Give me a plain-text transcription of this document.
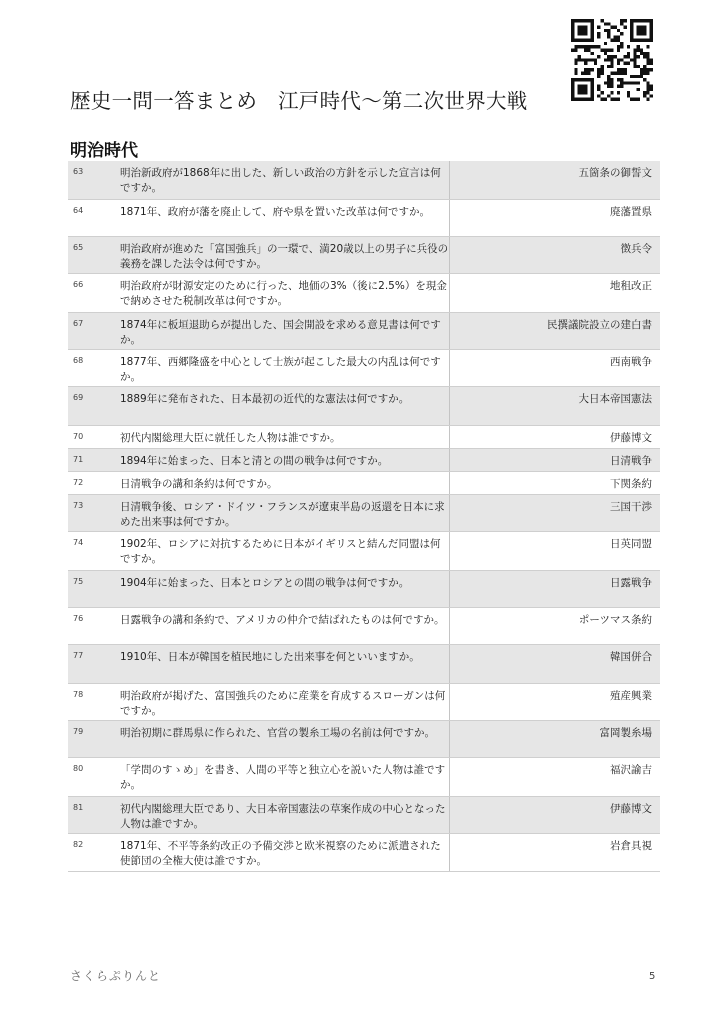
歴史一問一答まとめ　江戸時代～第二次世界大戦
明治時代
63	明治新政府が1868年に出した、新しい政治の方針を示した宣言は何ですか。
五箇条の御誓文
64	1871年、政府が藩を廃止して、府や県を置いた改革は何ですか。	廃藩置県
65	明治政府が進めた「富国強兵」の一環で、満20歳以上の男子に兵役の義務を課した法令は何ですか。
徴兵令
66	明治政府が財源安定のために行った、地価の3%（後に2.5%）を現金で納めさせた税制改革は何ですか。
地租改正
67	1874年に板垣退助らが提出した、国会開設を求める意見書は何ですか。
民撰議院設立の建白書
68	1877年、西郷隆盛を中心として士族が起こした最大の内乱は何ですか。
西南戦争
69	1889年に発布された、日本最初の近代的な憲法は何ですか。	大日本帝国憲法
70	初代内閣総理大臣に就任した人物は誰ですか。	伊藤博文
71	1894年に始まった、日本と清との間の戦争は何ですか。	日清戦争
72	日清戦争の講和条約は何ですか。	下関条約
73	日清戦争後、ロシア・ドイツ・フランスが遼東半島の返還を日本に求めた出来事は何ですか。
三国干渉
74	1902年、ロシアに対抗するために日本がイギリスと結んだ同盟は何ですか。
日英同盟
75	1904年に始まった、日本とロシアとの間の戦争は何ですか。	日露戦争
76	日露戦争の講和条約で、アメリカの仲介で結ばれたものは何ですか。	ポーツマス条約
77	1910年、日本が韓国を植民地にした出来事を何といいますか。	韓国併合
78	明治政府が掲げた、富国強兵のために産業を育成するスローガンは何ですか。
殖産興業
79	明治初期に群馬県に作られた、官営の製糸工場の名前は何ですか。	富岡製糸場
80	「学問のすゝめ」を書き、人間の平等と独立心を説いた人物は誰ですか。
福沢諭吉
81	初代内閣総理大臣であり、大日本帝国憲法の草案作成の中心となった人物は誰ですか。
伊藤博文
82	1871年、不平等条約改正の予備交渉と欧米視察のために派遣された使節団の全権大使は誰ですか。
岩倉具視
さくらぷりんと	5
